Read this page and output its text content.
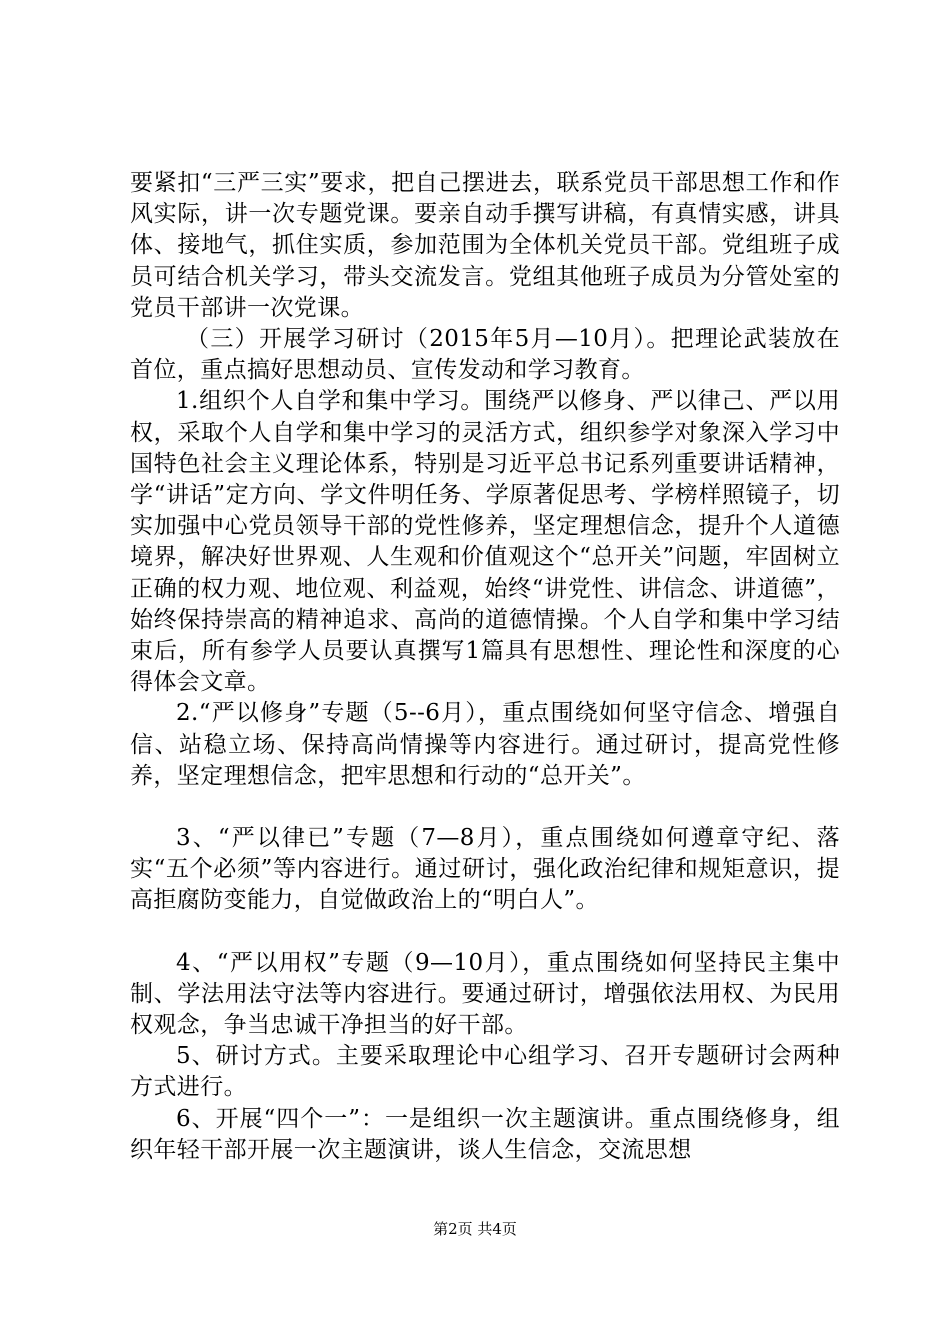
要紧扣“三严三实”要求，把自己摆进去，联系党员干部思想工作和作风实际，讲一次专题党课。要亲自动手撰写讲稿，有真情实感，讲具体、接地气，抓住实质，参加范围为全体机关党员干部。党组班子成员可结合机关学习，带头交流发言。党组其他班子成员为分管处室的党员干部讲一次党课。

（三）开展学习研讨（2015年5月—10月）。把理论武装放在首位，重点搞好思想动员、宣传发动和学习教育。

1.组织个人自学和集中学习。围绕严以修身、严以律己、严以用权，采取个人自学和集中学习的灵活方式，组织参学对象深入学习中国特色社会主义理论体系，特别是习近平总书记系列重要讲话精神，学“讲话”定方向、学文件明任务、学原著促思考、学榜样照镜子，切实加强中心党员领导干部的党性修养，坚定理想信念，提升个人道德境界，解决好世界观、人生观和价值观这个“总开关”问题，牢固树立正确的权力观、地位观、利益观，始终“讲党性、讲信念、讲道德”，始终保持崇高的精神追求、高尚的道德情操。个人自学和集中学习结束后，所有参学人员要认真撰写1篇具有思想性、理论性和深度的心得体会文章。

2.“严以修身”专题（5--6月），重点围绕如何坚守信念、增强自信、站稳立场、保持高尚情操等内容进行。通过研讨，提高党性修养，坚定理想信念，把牢思想和行动的“总开关”。

3、“严以律已”专题（7—8月），重点围绕如何遵章守纪、落实“五个必须”等内容进行。通过研讨，强化政治纪律和规矩意识，提高拒腐防变能力，自觉做政治上的“明白人”。

4、“严以用权”专题（9—10月），重点围绕如何坚持民主集中制、学法用法守法等内容进行。要通过研讨，增强依法用权、为民用权观念，争当忠诚干净担当的好干部。

5、研讨方式。主要采取理论中心组学习、召开专题研讨会两种方式进行。

6、开展“四个一”：一是组织一次主题演讲。重点围绕修身，组织年轻干部开展一次主题演讲，谈人生信念，交流思想

第2页 共4页
